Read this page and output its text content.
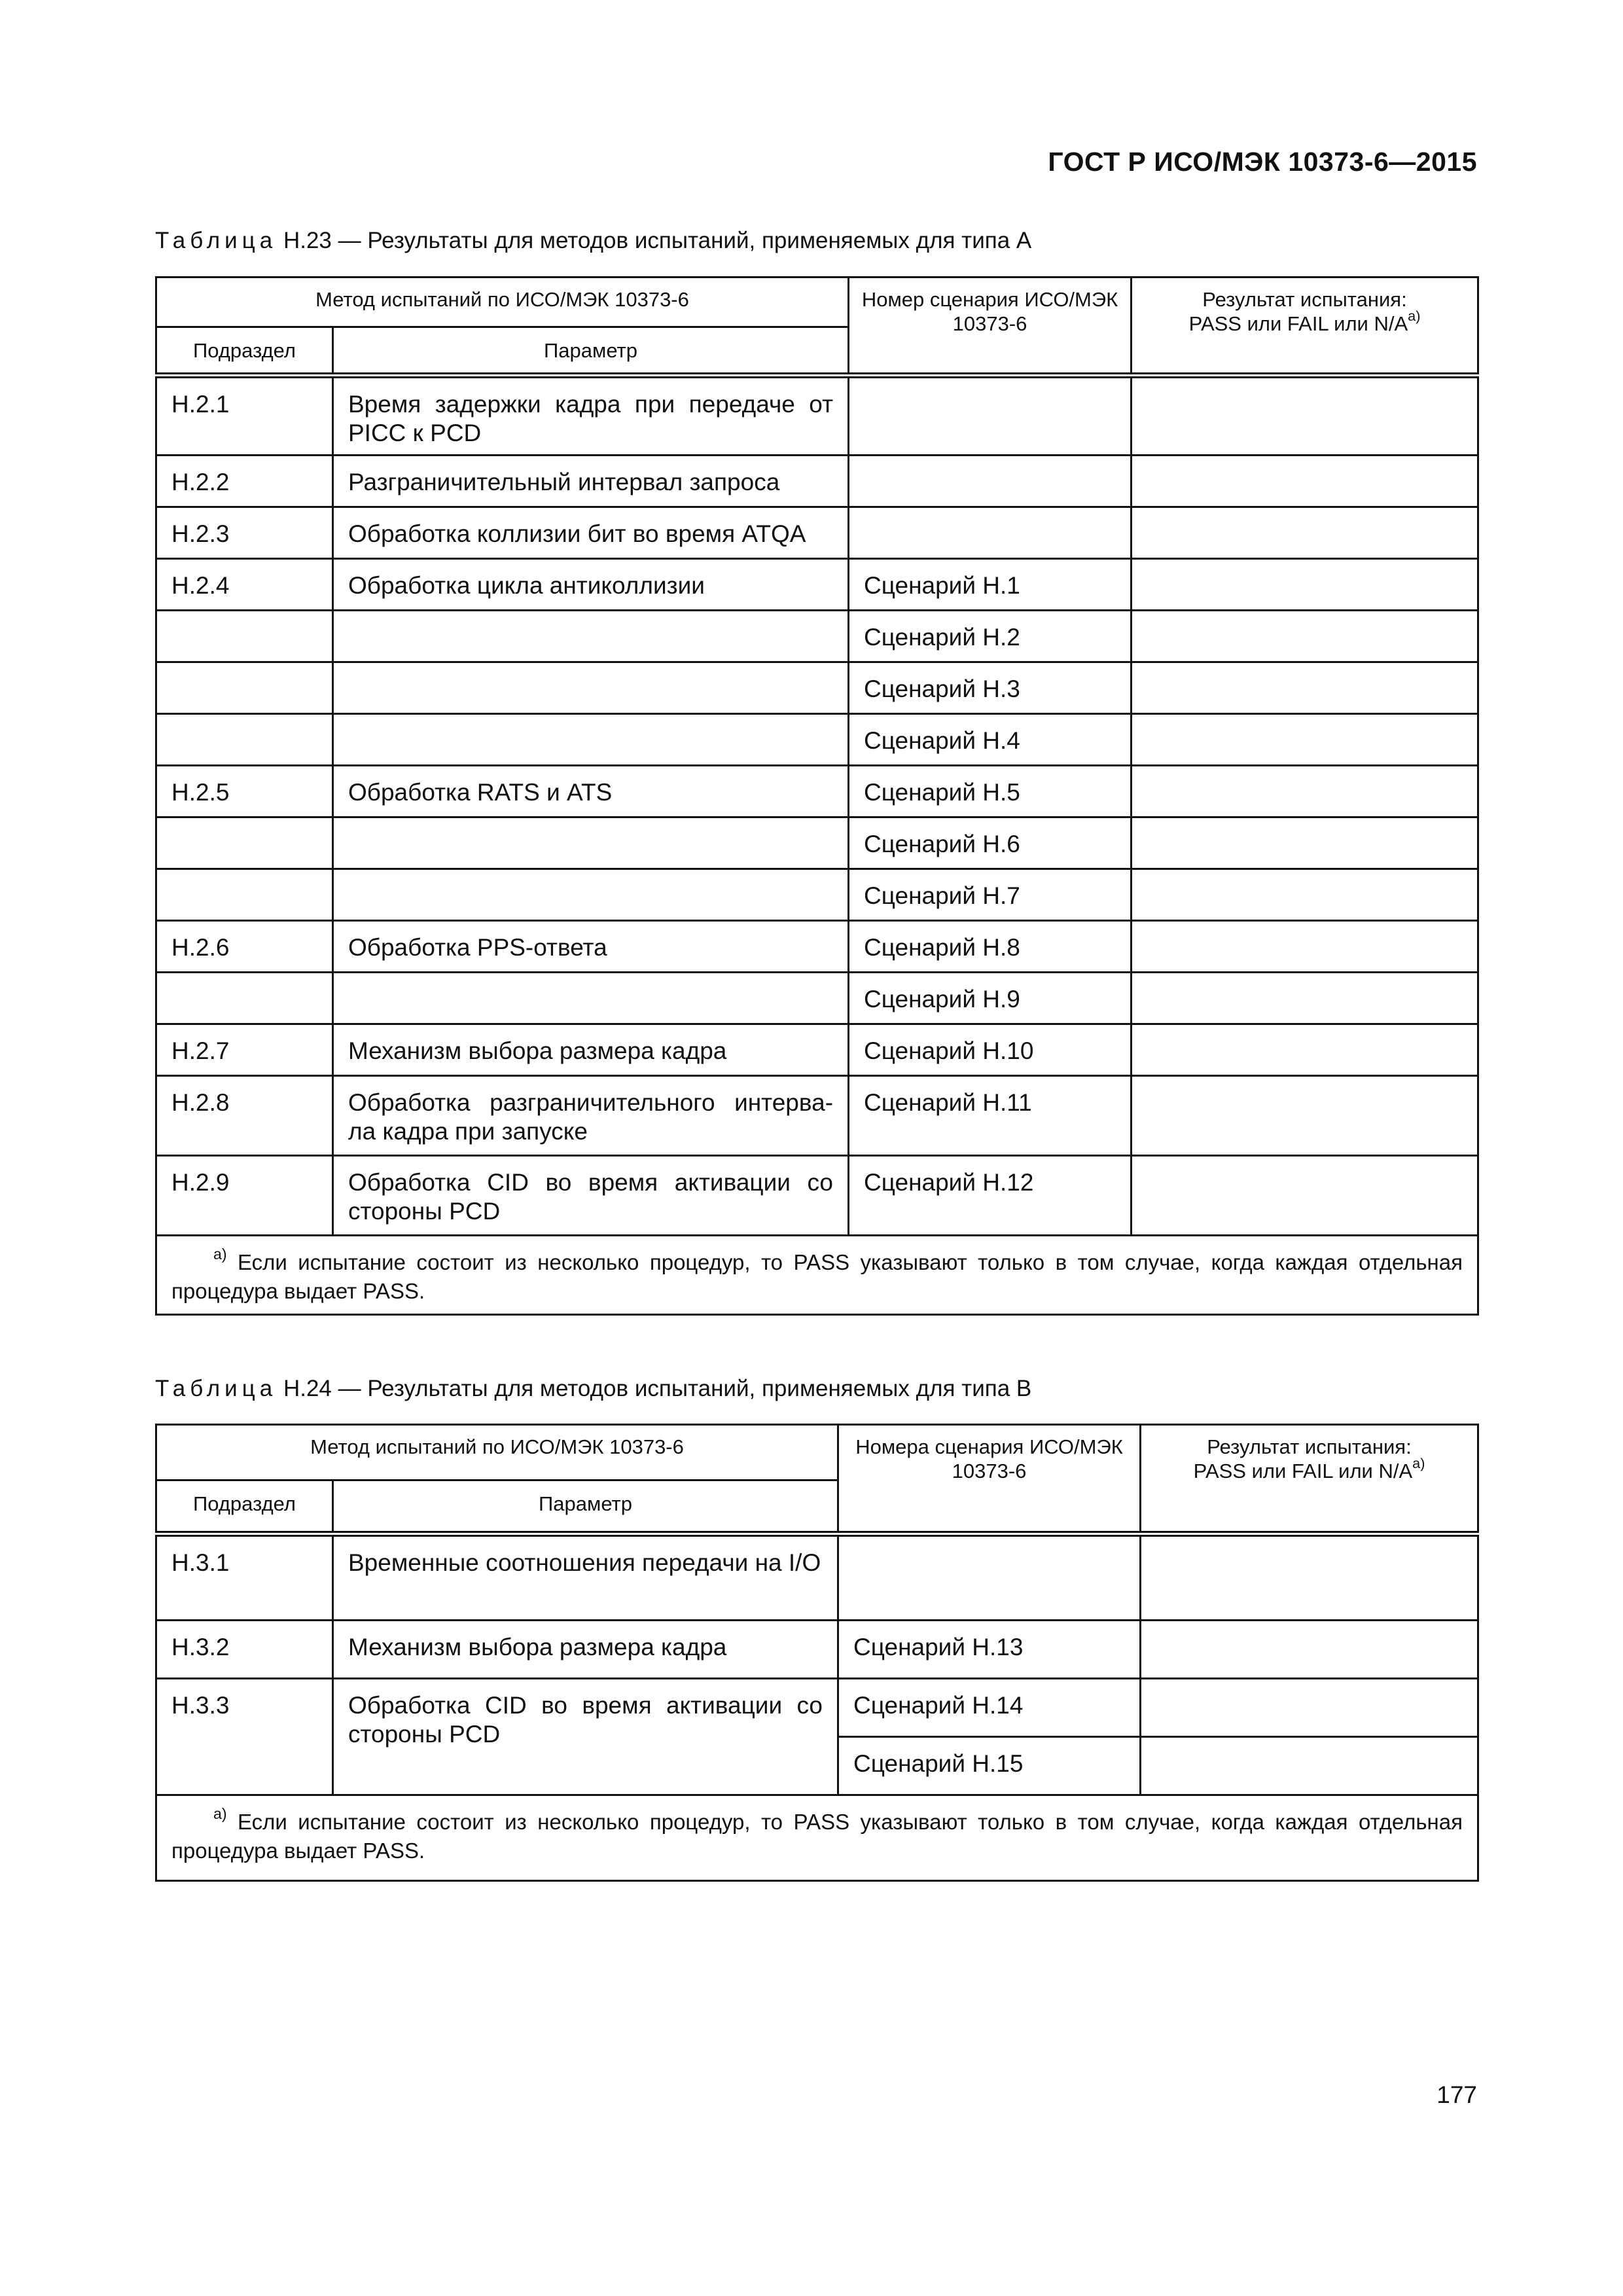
ГОСТ Р ИСО/МЭК 10373-6—2015
Таблица Н.23 — Результаты для методов испытаний, применяемых для типа А
Метод испытаний по ИСО/МЭК 10373-6		Номер сценария ИСО/МЭК 10373-6	Результат испытания:
PASS или FAIL или $N/A^{a)}$
Подраздел	Параметр		
H.2.1	Время задержки кадра при передаче от PICC к PCD		
H.2.2	Разграничительный интервал запроса		
H.2.3	Обработка коллизии бит во время ATQA		
H.2.4	Обработка цикла антиколлизии	Сценарий H.1	
		Сценарий H.2	
		Сценарий H.3	
		Сценарий H.4	
H.2.5	Обработка RATS и ATS	Сценарий H.5	
		Сценарий H.6	
		Сценарий H.7	
H.2.6	Обработка PPS-ответа	Сценарий H.8	
		Сценарий H.9	
H.2.7	Механизм выбора размера кадра	Сценарий H.10	
H.2.8	Обработка разграничительного интерва-ла кадра при запуске	Сценарий H.11	
H.2.9	Обработка CID во время активации со стороны PCD	Сценарий H.12	
$^{a)}$ Если испытание состоит из несколько процедур, то PASS указывают только в том случае, когда каждая отдельная процедура выдает PASS.			
Таблица Н.24 — Результаты для методов испытаний, применяемых для типа В
Метод испытаний по ИСО/МЭК 10373-6		Номера сценария ИСО/МЭК 10373-6	Результат испытания:
PASS или FAIL или $N/A^{a)}$
Подраздел	Параметр		
H.3.1	Временные соотношения передачи на I/O		
H.3.2	Механизм выбора размера кадра	Сценарий H.13	
H.3.3	Обработка CID во время активации со стороны PCD	Сценарий H.14	
		Сценарий H.15	
$^{a)}$ Если испытание состоит из несколько процедур, то PASS указывают только в том случае, когда каждая отдельная процедура выдает PASS.			
177
